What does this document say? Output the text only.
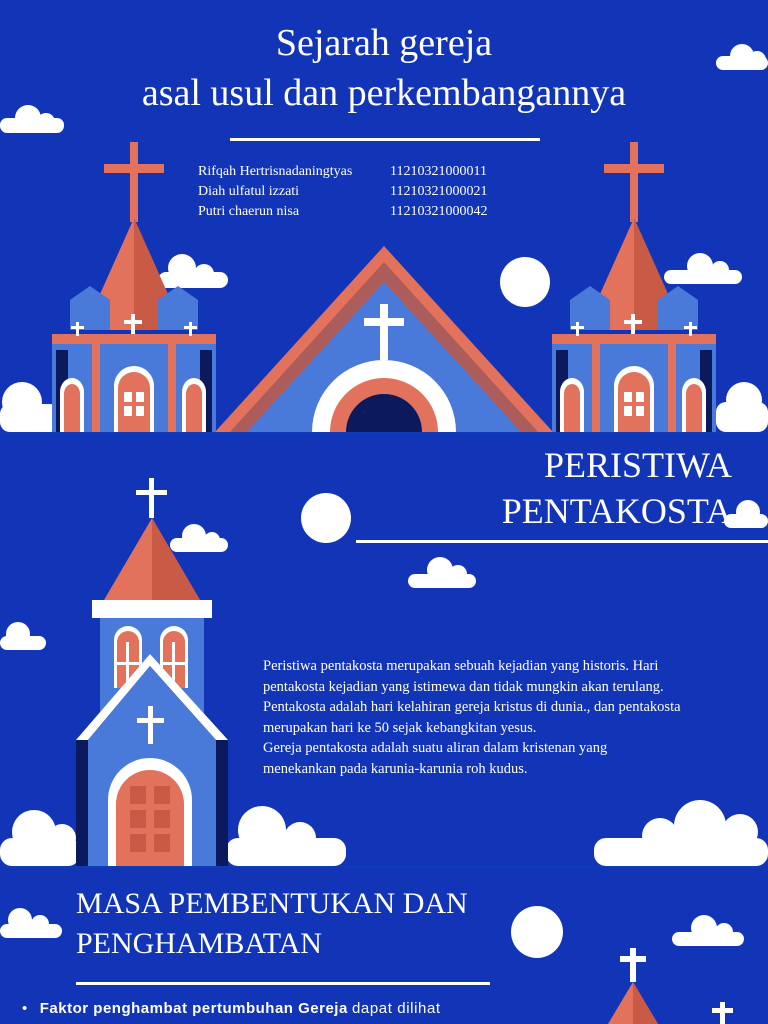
Sejarah gereja
asal usul dan perkembangannya
Rifqah Hertrisnadaningtyas	11210321000011
Diah ulfatul izzati	11210321000021
Putri chaerun nisa	11210321000042
PERISTIWA
PENTAKOSTA
Peristiwa pentakosta merupakan sebuah kejadian yang historis. Hari pentakosta kejadian yang istimewa dan tidak mungkin akan terulang.
Pentakosta adalah hari kelahiran gereja kristus di dunia., dan pentakosta merupakan hari ke 50 sejak kebangkitan yesus.
Gereja pentakosta adalah suatu aliran dalam kristenan yang menekankan pada karunia-karunia roh kudus.
MASA PEMBENTUKAN DAN
PENGHAMBATAN
•   Faktor penghambat pertumbuhan Gereja dapat dilihat
